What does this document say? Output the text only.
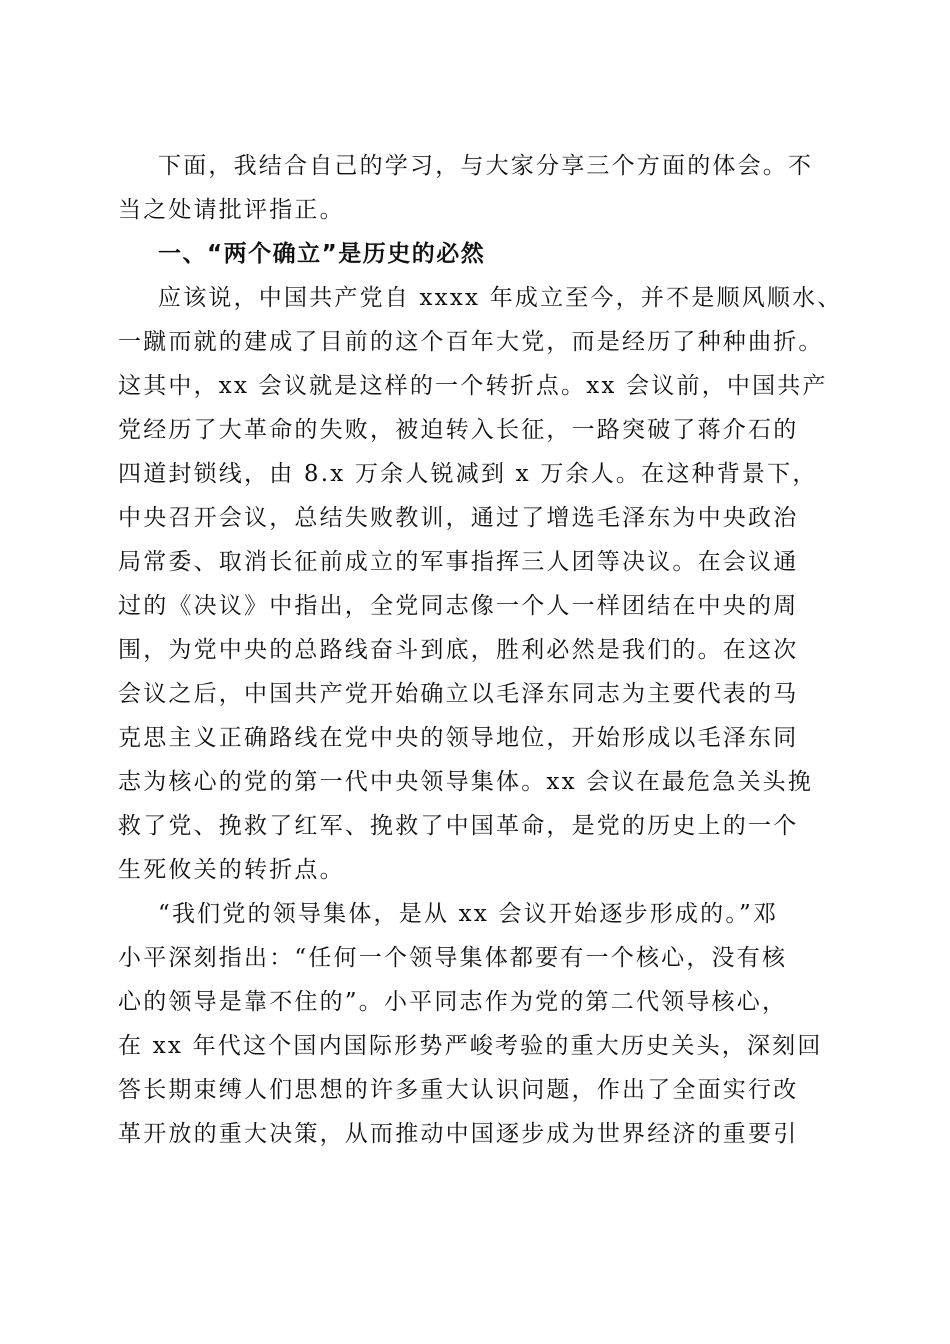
下面，我结合自己的学习，与大家分享三个方面的体会。不
当之处请批评指正。
一、“两个确立”是历史的必然
应该说，中国共产党自 xxxx 年成立至今，并不是顺风顺水、
一蹴而就的建成了目前的这个百年大党，而是经历了种种曲折。
这其中，xx 会议就是这样的一个转折点。xx 会议前，中国共产
党经历了大革命的失败，被迫转入长征，一路突破了蒋介石的
四道封锁线，由 8.x 万余人锐减到 x 万余人。在这种背景下，
中央召开会议，总结失败教训，通过了增选毛泽东为中央政治
局常委、取消长征前成立的军事指挥三人团等决议。在会议通
过的《决议》中指出，全党同志像一个人一样团结在中央的周
围，为党中央的总路线奋斗到底，胜利必然是我们的。在这次
会议之后，中国共产党开始确立以毛泽东同志为主要代表的马
克思主义正确路线在党中央的领导地位，开始形成以毛泽东同
志为核心的党的第一代中央领导集体。xx 会议在最危急关头挽
救了党、挽救了红军、挽救了中国革命，是党的历史上的一个
生死攸关的转折点。
“我们党的领导集体，是从 xx 会议开始逐步形成的。”邓
小平深刻指出：“任何一个领导集体都要有一个核心，没有核
心的领导是靠不住的”。小平同志作为党的第二代领导核心，
在 xx 年代这个国内国际形势严峻考验的重大历史关头，深刻回
答长期束缚人们思想的许多重大认识问题，作出了全面实行改
革开放的重大决策，从而推动中国逐步成为世界经济的重要引
